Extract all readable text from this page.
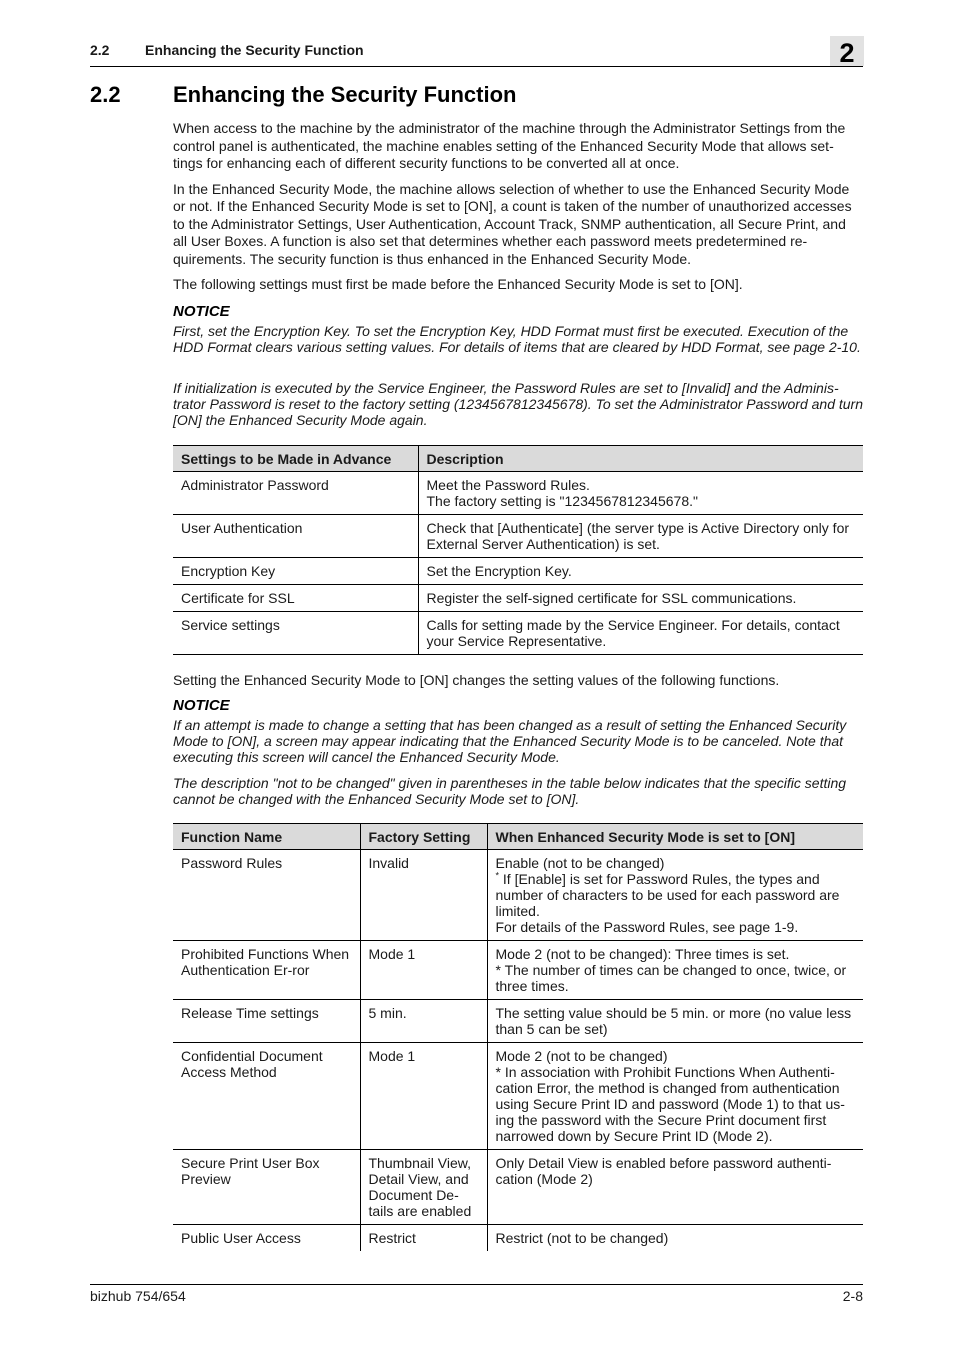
2.2	Enhancing the Security Function	2
2.2 Enhancing the Security Function

When access to the machine by the administrator of the machine through the Administrator Settings from the control panel is authenticated, the machine enables setting of the Enhanced Security Mode that allows set-tings for enhancing each of different security functions to be converted all at once.

In the Enhanced Security Mode, the machine allows selection of whether to use the Enhanced Security Mode or not. If the Enhanced Security Mode is set to [ON], a count is taken of the number of unauthorized accesses to the Administrator Settings, User Authentication, Account Track, SNMP authentication, all Secure Print, and all User Boxes. A function is also set that determines whether each password meets predetermined re-quirements. The security function is thus enhanced in the Enhanced Security Mode.

The following settings must first be made before the Enhanced Security Mode is set to [ON].

NOTICE
First, set the Encryption Key. To set the Encryption Key, HDD Format must first be executed. Execution of the HDD Format clears various setting values. For details of items that are cleared by HDD Format, see page 2-10.
If initialization is executed by the Service Engineer, the Password Rules are set to [Invalid] and the Adminis-trator Password is reset to the factory setting (1234567812345678). To set the Administrator Password and turn [ON] the Enhanced Security Mode again.
Settings to be Made in Advance	Description
Administrator Password	Meet the Password Rules.
The factory setting is "1234567812345678."

User Authentication	Check that [Authenticate] (the server type is Active Directory only for External Server Authentication) is set.
Encryption Key	Set the Encryption Key.
Certificate for SSL	Register the self-signed certificate for SSL communications.
Service settings	Calls for setting made by the Service Engineer. For details, contact your Service Representative.
Setting the Enhanced Security Mode to [ON] changes the setting values of the following functions.
NOTICE
If an attempt is made to change a setting that has been changed as a result of setting the Enhanced Security Mode to [ON], a screen may appear indicating that the Enhanced Security Mode is to be canceled. Note that executing this screen will cancel the Enhanced Security Mode.
The description "not to be changed" given in parentheses in the table below indicates that the specific setting cannot be changed with the Enhanced Security Mode set to [ON].
Function Name	Factory Setting	When Enhanced Security Mode is set to [ON]
Password Rules	Invalid	Enable (not to be changed)
* If [Enable] is set for Password Rules, the types and number of characters to be used for each password are limited.
For details of the Password Rules, see page 1-9.

Prohibited Functions When Authentication Er-ror	Mode 1	Mode 2 (not to be changed): Three times is set.
* The number of times can be changed to once, twice, or three times.

Release Time settings	5 min.	The setting value should be 5 min. or more (no value less than 5 can be set)
Confidential Document Access Method	Mode 1	Mode 2 (not to be changed)
* In association with Prohibit Functions When Authenti-cation Error, the method is changed from authentication using Secure Print ID and password (Mode 1) to that us-ing the password with the Secure Print document first narrowed down by Secure Print ID (Mode 2).

Secure Print User Box Preview	Thumbnail View, Detail View, and Document De-tails are enabled	Only Detail View is enabled before password authenti-cation (Mode 2)
Public User Access	Restrict	Restrict (not to be changed)
bizhub 754/654	2-8
